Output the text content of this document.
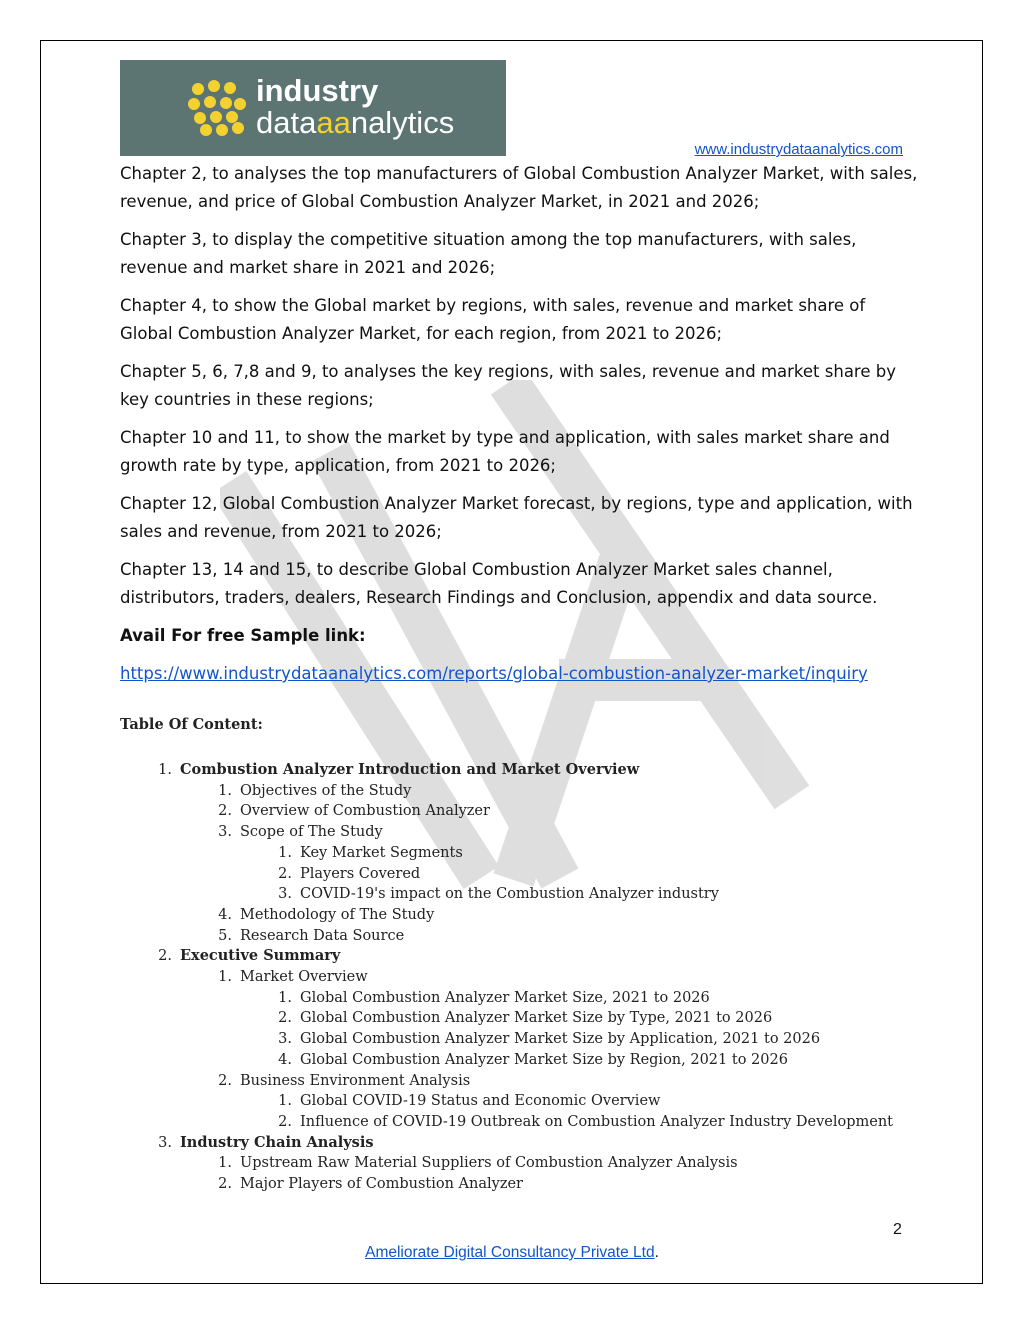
industry
dataaanalytics
www.industrydataanalytics.com

Chapter 2, to analyses the top manufacturers of Global Combustion Analyzer Market, with sales, revenue, and price of Global Combustion Analyzer Market, in 2021 and 2026;

Chapter 3, to display the competitive situation among the top manufacturers, with sales, revenue and market share in 2021 and 2026;

Chapter 4, to show the Global market by regions, with sales, revenue and market share of Global Combustion Analyzer Market, for each region, from 2021 to 2026;

Chapter 5, 6, 7,8 and 9, to analyses the key regions, with sales, revenue and market share by key countries in these regions;

Chapter 10 and 11, to show the market by type and application, with sales market share and growth rate by type, application, from 2021 to 2026;

Chapter 12, Global Combustion Analyzer Market forecast, by regions, type and application, with sales and revenue, from 2021 to 2026;

Chapter 13, 14 and 15, to describe Global Combustion Analyzer Market sales channel, distributors, traders, dealers, Research Findings and Conclusion, appendix and data source.

Avail For free Sample link:

https://www.industrydataanalytics.com/reports/global-combustion-analyzer-market/inquiry

Table Of Content:
1. Combustion Analyzer Introduction and Market Overview
1. Objectives of the Study
2. Overview of Combustion Analyzer
3. Scope of The Study
1. Key Market Segments
2. Players Covered
3. COVID-19's impact on the Combustion Analyzer industry
4. Methodology of The Study
5. Research Data Source
2. Executive Summary
1. Market Overview
1. Global Combustion Analyzer Market Size, 2021 to 2026
2. Global Combustion Analyzer Market Size by Type, 2021 to 2026
3. Global Combustion Analyzer Market Size by Application, 2021 to 2026
4. Global Combustion Analyzer Market Size by Region, 2021 to 2026
2. Business Environment Analysis
1. Global COVID-19 Status and Economic Overview
2. Influence of COVID-19 Outbreak on Combustion Analyzer Industry Development
3. Industry Chain Analysis
1. Upstream Raw Material Suppliers of Combustion Analyzer Analysis
2. Major Players of Combustion Analyzer
2
Ameliorate Digital Consultancy Private Ltd.
